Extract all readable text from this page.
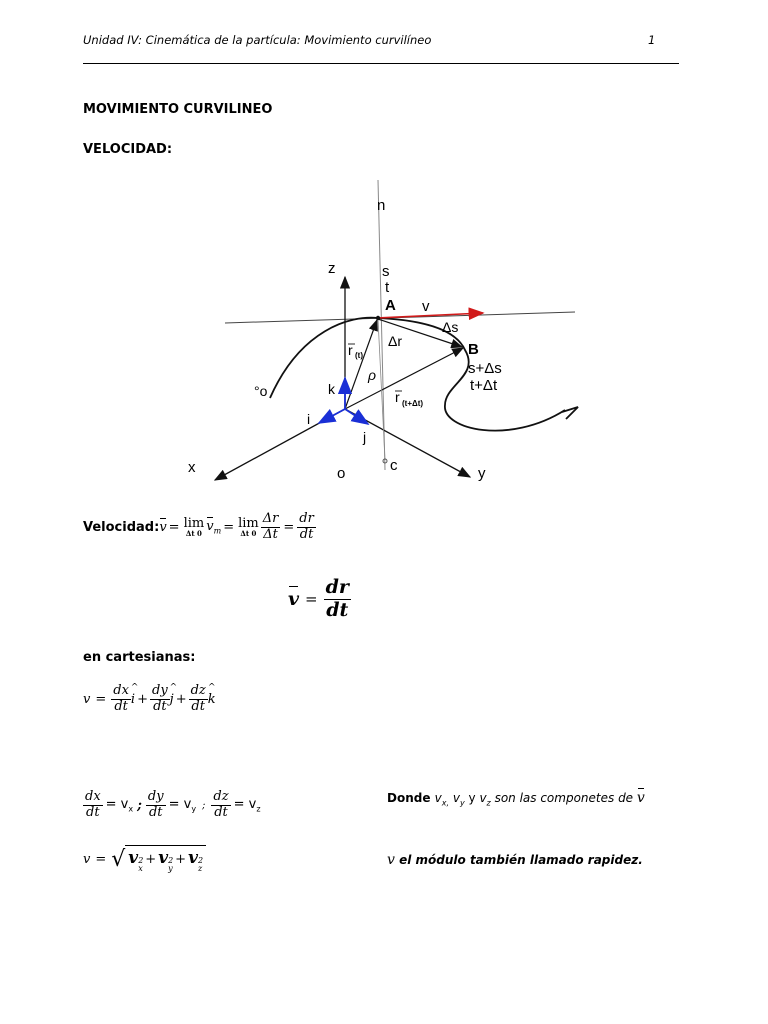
Unidad IV: Cinemática de la partícula: Movimiento curvilíneo	1
MOVIMIENTO CURVILINEO
VELOCIDAD:
n
z	s
t
A v
Δs
Δr	B
s+Δs
t+Δt
r (t)
ρ
°o	k
i
j
r (t+Δt)
x	o	c	y
Velocidad: v = lim
Δt 0 $v_m = \lim$
Δt $0 \frac{\Delta r}{\Delta t} = \frac{dr}{dt}$
$v = \frac{dr}{dt}$
en cartesianas:
$v = \frac{dx}{dt}$ ^ $i + \frac{dy}{dt}$ ^ $j + \frac{dz}{dt}$ ^ k
$\frac{dx}{dt} = v_x$ ; $\frac{dy}{dt} = v_y$ ; $\frac{dz}{dt} = v_z$
Donde $v_{x,}$ $v_y$ y $v_z$ son las componetes de v
v = √ v 2
x
+ v 2
y
+ v 2
z
v el módulo también llamado rapidez.
